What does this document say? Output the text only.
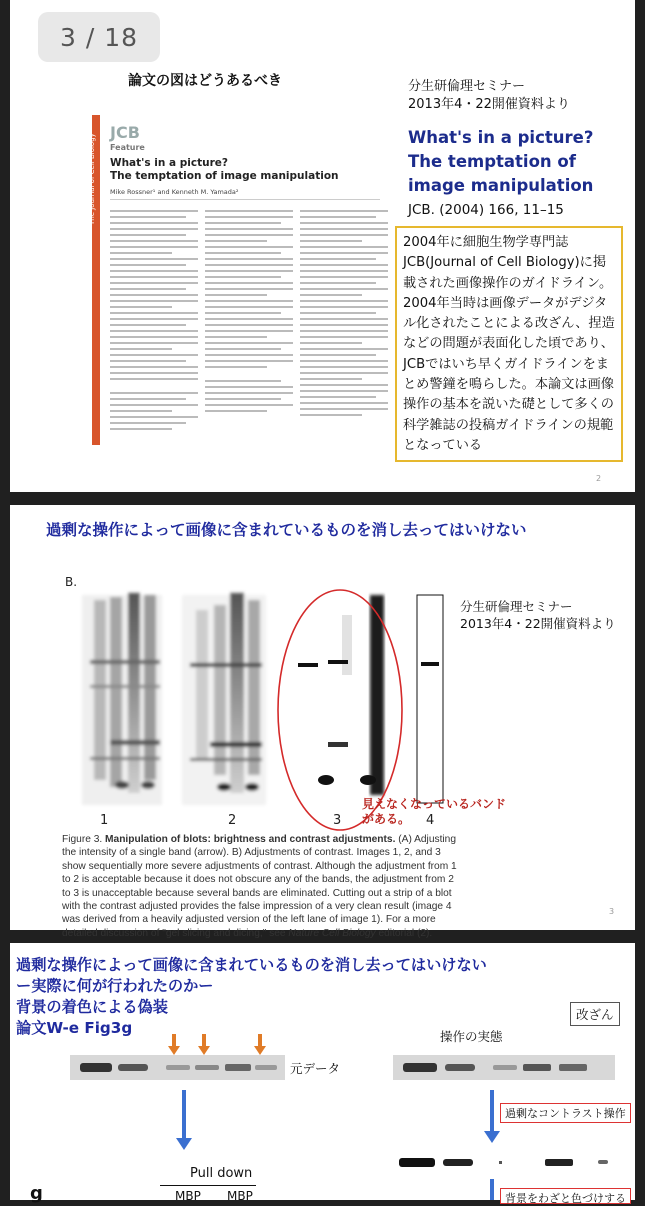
3 / 18
論文の図はどうあるべき
The Journal of Cell Biology
JCB
Feature
What's in a picture?
The temptation of image manipulation
Mike Rossner¹ and Kenneth M. Yamada²
分生研倫理セミナー
2013年4・22開催資料より
What's in a picture?
The temptation of
image manipulation
JCB. (2004) 166, 11–15
2004年に細胞生物学専門誌JCB(Journal of Cell Biology)に掲載された画像操作のガイドライン。2004年当時は画像データがデジタル化されたことによる改ざん、捏造などの問題が表面化した頃であり、JCBではいち早くガイドラインをまとめ警鐘を鳴らした。本論文は画像操作の基本を説いた礎として多くの科学雑誌の投稿ガイドラインの規範となっている
2
過剰な操作によって画像に含まれているものを消し去ってはいけない
B.
分生研倫理セミナー
2013年4・22開催資料より
1	2	3	4
見えなくなっているバンド
がある。
Figure 3. Manipulation of blots: brightness and contrast adjustments. (A) Adjusting the intensity of a single band (arrow). B) Adjustments of contrast. Images 1, 2, and 3 show sequentially more severe adjustments of contrast. Although the adjustment from 1 to 2 is acceptable because it does not obscure any of the bands, the adjustment from 2 to 3 is unacceptable because several bands are eliminated. Cutting out a strip of a blot with the contrast adjusted provides the false impression of a very clean result (image 4 was derived from a heavily adjusted version of the left lane of image 1). For a more detailed discussion of "gel slicing and dicing," see Nature Cell Biology editorial (2).
3
過剰な操作によって画像に含まれているものを消し去ってはいけない
ー実際に何が行われたのかー
背景の着色による偽装
論文W-e Fig3g
改ざん
元データ
操作の実態
過剰なコントラスト操作
背景をわざと色づけする
Pull down
MBP MBP
g
